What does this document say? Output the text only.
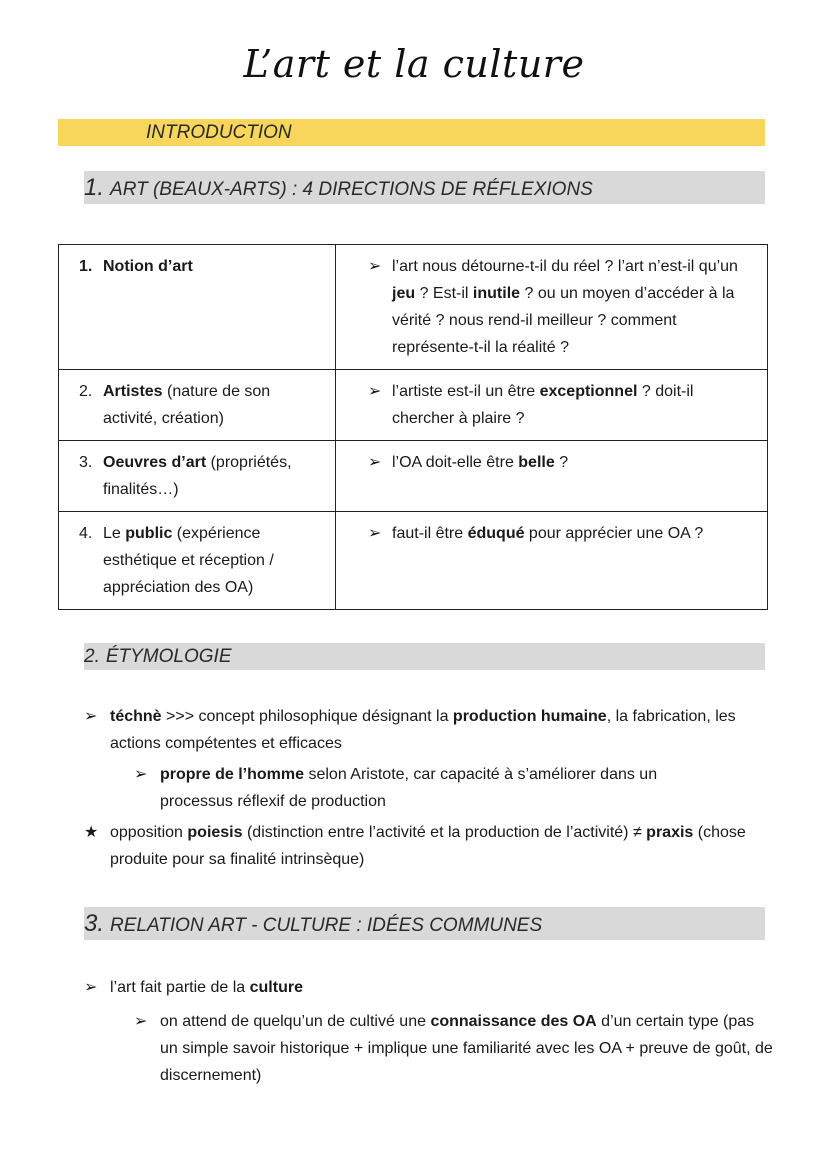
L’art et la culture
INTRODUCTION
1. ART (BEAUX-ARTS) : 4 DIRECTIONS DE RÉFLEXIONS
1. Notion d’art	➢ l’art nous détourne-t-il du réel ? l’art n’est-il qu’un jeu ? Est-il inutile ? ou un moyen d’accéder à la vérité ? nous rend-il meilleur ? comment représente-t-il la réalité ?

2. Artistes (nature de son activité, création)	➢ l’artiste est-il un être exceptionnel ? doit-il chercher à plaire ?

3. Oeuvres d’art (propriétés, finalités…)	➢ l’OA doit-elle être belle ?

4. Le public (expérience esthétique et réception / appréciation des OA)	➢ faut-il être éduqué pour apprécier une OA ?
2. ÉTYMOLOGIE
➢ téchnè >>> concept philosophique désignant la production humaine, la fabrication, les actions compétentes et efficaces
➢ propre de l’homme selon Aristote, car capacité à s’améliorer dans un processus réflexif de production
★ opposition poiesis (distinction entre l’activité et la production de l’activité) ≠ praxis (chose produite pour sa finalité intrinsèque)
3. RELATION ART - CULTURE : IDÉES COMMUNES
➢ l’art fait partie de la culture
➢ on attend de quelqu’un de cultivé une connaissance des OA d’un certain type (pas un simple savoir historique + implique une familiarité avec les OA + preuve de goût, de discernement)
